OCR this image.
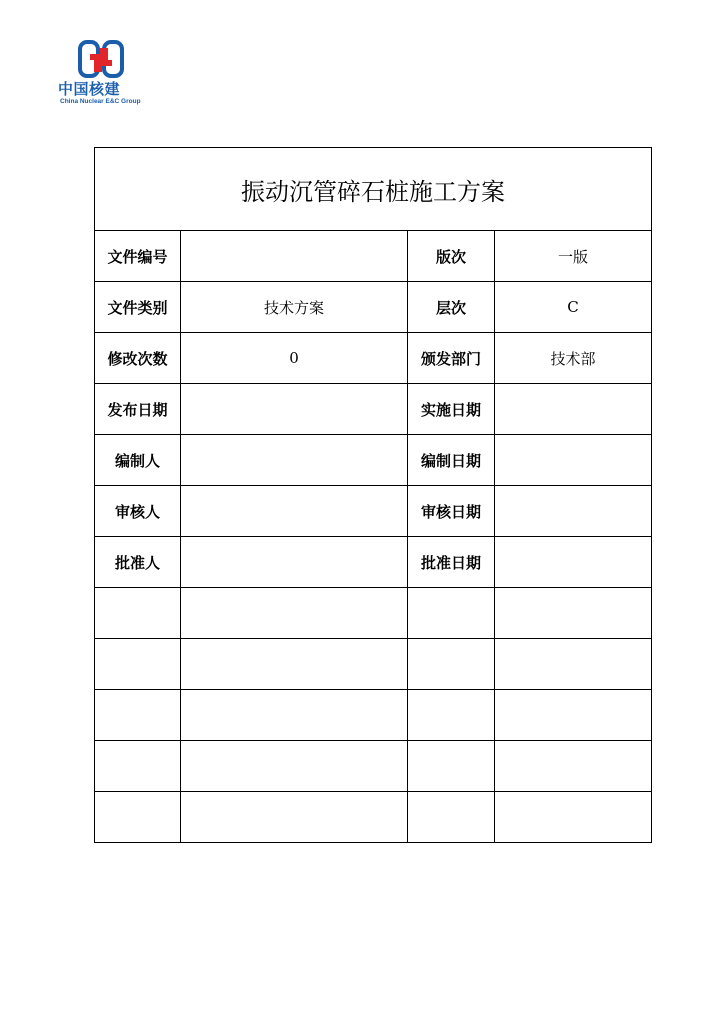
中国核建
China Nuclear E&C Group
振动沉管碎石桩施工方案			
文件编号		版次	一版
文件类别	技术方案	层次	C
修改次数	0	颁发部门	技术部
发布日期		实施日期	
编制人		编制日期	
审核人		审核日期	
批准人		批准日期	
